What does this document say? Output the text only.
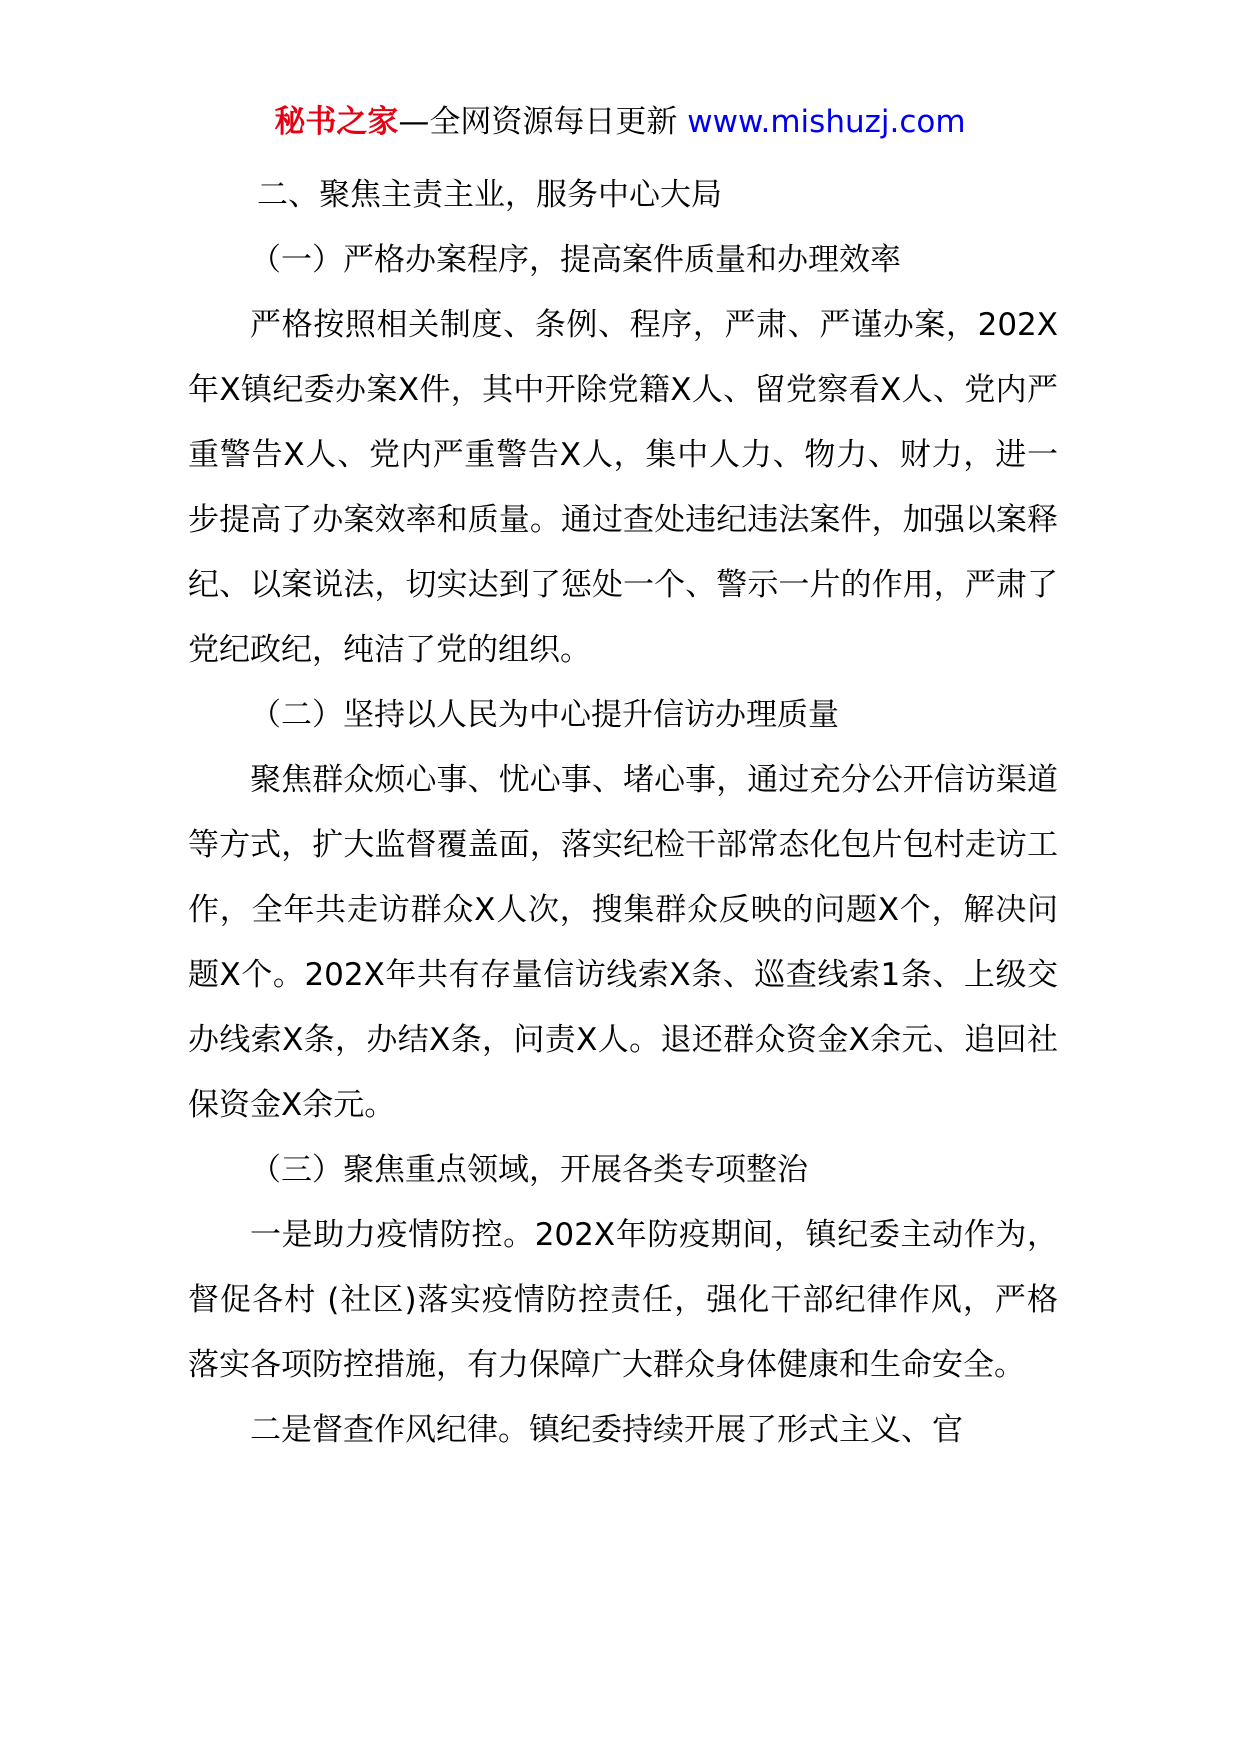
秘书之家—全网资源每日更新 www.mishuzj.com

二、聚焦主责主业，服务中心大局

（一）严格办案程序，提高案件质量和办理效率

严格按照相关制度、条例、程序，严肃、严谨办案，202X年X镇纪委办案X件，其中开除党籍X人、留党察看X人、党内严重警告X人、党内严重警告X人，集中人力、物力、财力，进一步提高了办案效率和质量。通过查处违纪违法案件，加强以案释纪、以案说法，切实达到了惩处一个、警示一片的作用，严肃了党纪政纪，纯洁了党的组织。

（二）坚持以人民为中心提升信访办理质量

聚焦群众烦心事、忧心事、堵心事，通过充分公开信访渠道等方式，扩大监督覆盖面，落实纪检干部常态化包片包村走访工作，全年共走访群众X人次，搜集群众反映的问题X个，解决问题X个。202X年共有存量信访线索X条、巡查线索1条、上级交办线索X条，办结X条，问责X人。退还群众资金X余元、追回社保资金X余元。

（三）聚焦重点领域，开展各类专项整治

一是助力疫情防控。202X年防疫期间，镇纪委主动作为，督促各村 (社区)落实疫情防控责任，强化干部纪律作风，严格落实各项防控措施，有力保障广大群众身体健康和生命安全。

二是督查作风纪律。镇纪委持续开展了形式主义、官
